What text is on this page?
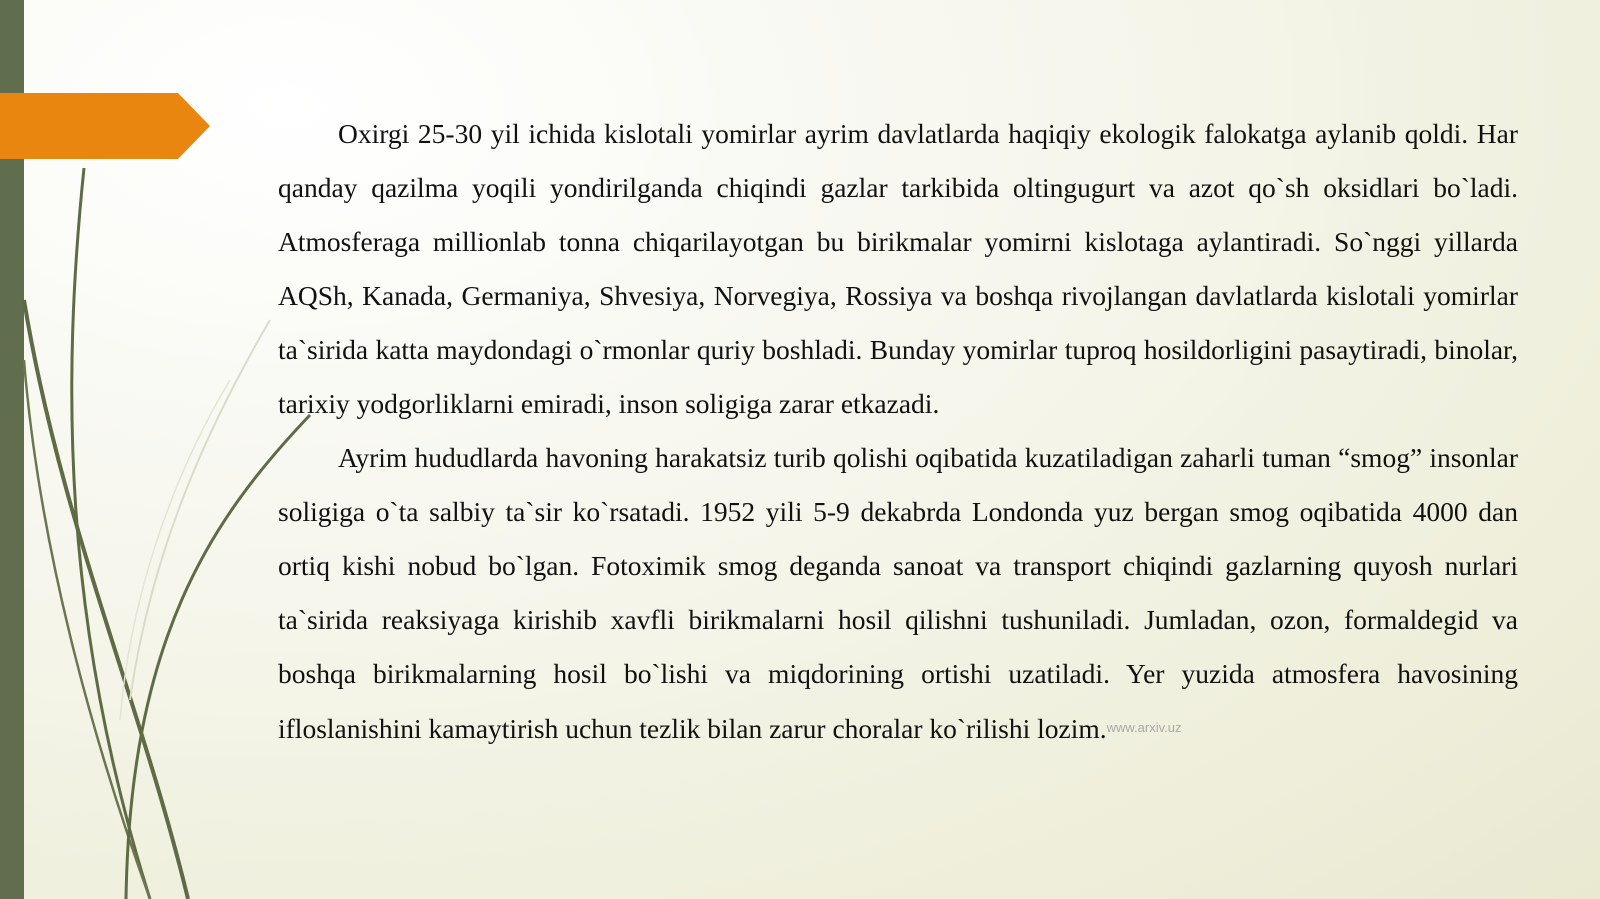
Oxirgi 25-30 yil ichida kislotali yomirlar ayrim davlatlarda haqiqiy ekologik falokatga aylanib qoldi. Har qanday qazilma yoqili yondirilganda chiqindi gazlar tarkibida oltingugurt va azot qo`sh oksidlari bo`ladi. Atmosferaga millionlab tonna chiqarilayotgan bu birikmalar yomirni kislotaga aylantiradi. So`nggi yillarda AQSh, Kanada, Germaniya, Shvesiya, Norvegiya, Rossiya va boshqa rivojlangan davlatlarda kislotali yomirlar ta`sirida katta maydondagi o`rmonlar quriy boshladi. Bunday yomirlar tuproq hosildorligini pasaytiradi, binolar, tarixiy yodgorliklarni emiradi, inson soligiga zarar etkazadi.

Ayrim hududlarda havoning harakatsiz turib qolishi oqibatida kuzatiladigan zaharli tuman “smog” insonlar soligiga o`ta salbiy ta`sir ko`rsatadi. 1952 yili 5-9 dekabrda Londonda yuz bergan smog oqibatida 4000 dan ortiq kishi nobud bo`lgan. Fotoximik smog deganda sanoat va transport chiqindi gazlarning quyosh nurlari ta`sirida reaksiyaga kirishib xavfli birikmalarni hosil qilishni tushuniladi. Jumladan, ozon, formaldegid va boshqa birikmalarning hosil bo`lishi va miqdorining ortishi uzatiladi. Yer yuzida atmosfera havosining ifloslanishini kamaytirish uchun tezlik bilan zarur choralar ko`rilishi lozim.$^{www.arxiv.uz}$
